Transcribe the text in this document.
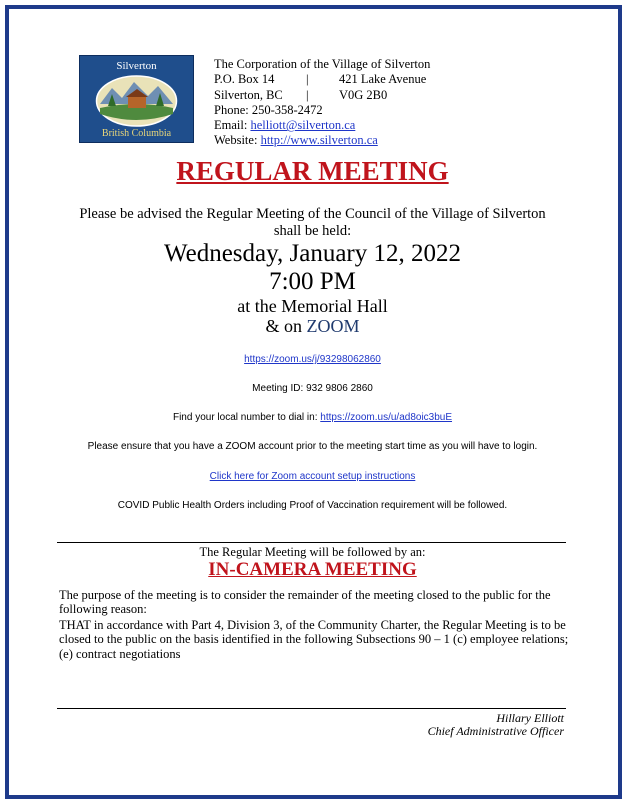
Silverton
British Columbia
The Corporation of the Village of Silverton
P.O. Box 14	| 421 Lake Avenue
Silverton, BC | V0G 2B0
Phone: 250-358-2472
Email: helliott@silverton.ca
Website: http://www.silverton.ca
REGULAR MEETING
Please be advised the Regular Meeting of the Council of the Village of Silverton
shall be held:
Wednesday, January 12, 2022
7:00 PM
at the Memorial Hall
& on ZOOM
https://zoom.us/j/93298062860
Meeting ID: 932 9806 2860
Find your local number to dial in: https://zoom.us/u/ad8oic3buE
Please ensure that you have a ZOOM account prior to the meeting start time as you will have to login.
Click here for Zoom account setup instructions
COVID Public Health Orders including Proof of Vaccination requirement will be followed.
The Regular Meeting will be followed by an:
IN-CAMERA MEETING
The purpose of the meeting is to consider the remainder of the meeting closed to the public for the following reason:
THAT in accordance with Part 4, Division 3, of the Community Charter, the Regular Meeting is to be closed to the public on the basis identified in the following Subsections 90 – 1 (c) employee relations; (e) contract negotiations
Hillary Elliott
Chief Administrative Officer
